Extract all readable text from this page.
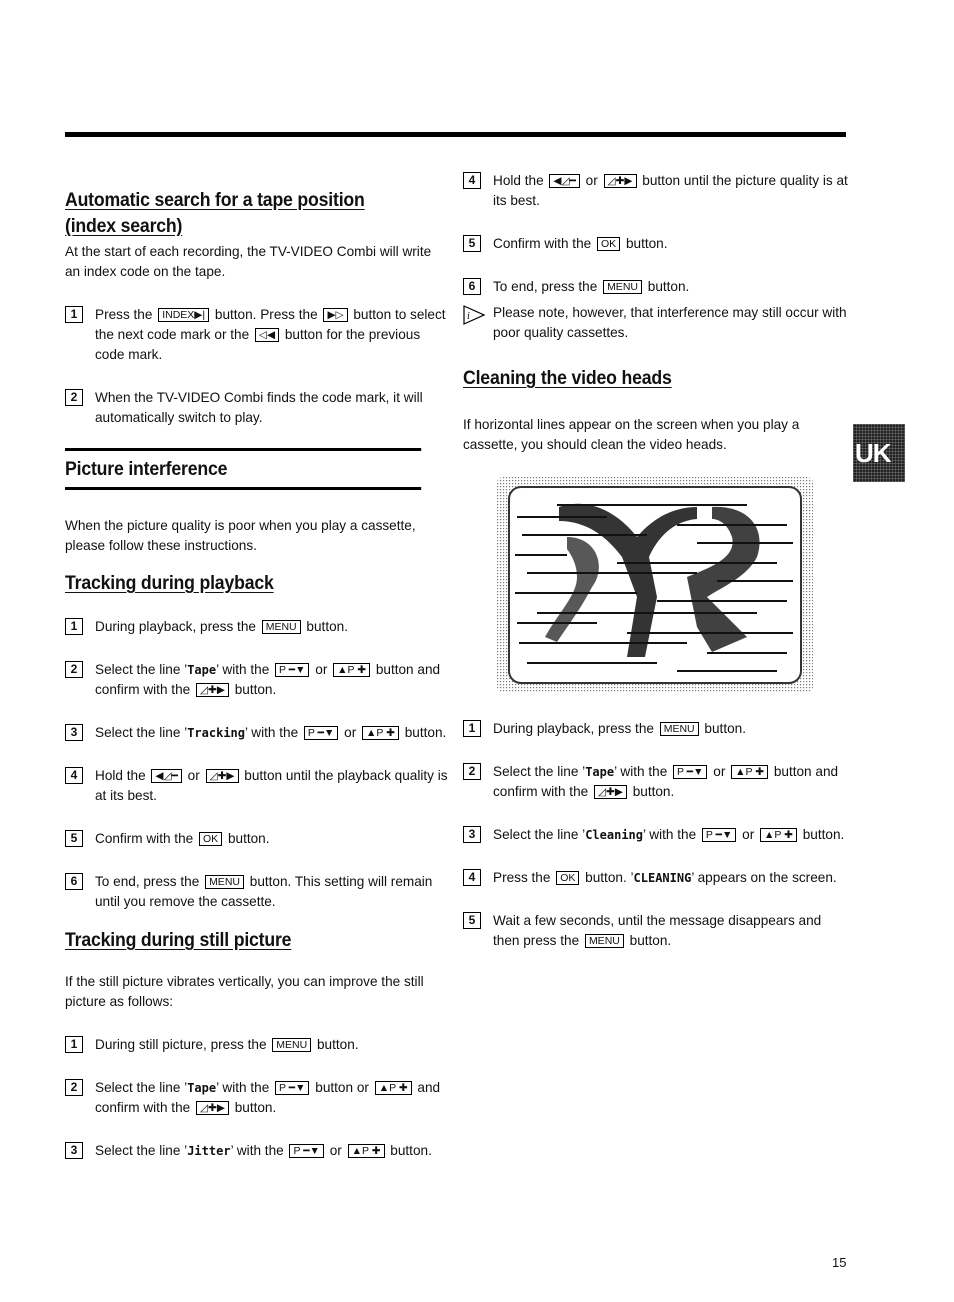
Automatic search for a tape position
(index search)

At the start of each recording, the TV-VIDEO Combi will write an index code on the tape.

1	Press the INDEX▶| button. Press the ▶▷ button to select the next code mark or the ◁◀ button for the previous code mark.
2	When the TV-VIDEO Combi finds the code mark, it will automatically switch to play.
Picture interference

When the picture quality is poor when you play a cassette, please follow these instructions.

Tracking during playback
1	During playback, press the MENU button.
2	Select the line ’Tape’ with the P ━▼ or ▲P ✚ button and confirm with the ◿✚▶ button.
3	Select the line ’Tracking’ with the P ━▼ or ▲P ✚ button.
4	Hold the ◀◿━ or ◿✚▶ button until the playback quality is at its best.
5	Confirm with the OK button.
6	To end, press the MENU button. This setting will remain until you remove the cassette.
Tracking during still picture

If the still picture vibrates vertically, you can improve the still picture as follows:

1	During still picture, press the MENU button.
2	Select the line ’Tape’ with the P ━▼ button or ▲P ✚ and confirm with the ◿✚▶ button.
3	Select the line ’Jitter’ with the P ━▼ or ▲P ✚ button.
4	Hold the ◀◿━ or ◿✚▶ button until the picture quality is at its best.
5	Confirm with the OK button.
6	To end, press the MENU button.
i Please note, however, that interference may still occur with poor quality cassettes.
Cleaning the video heads

If horizontal lines appear on the screen when you play a cassette, you should clean the video heads.

1	During playback, press the MENU button.
2	Select the line ’Tape’ with the P ━▼ or ▲P ✚ button and confirm with the ◿✚▶ button.
3	Select the line ’Cleaning’ with the P ━▼ or ▲P ✚ button.
4	Press the OK button. ’CLEANING’ appears on the screen.
5	Wait a few seconds, until the message disappears and then press the MENU button.
UK
15
